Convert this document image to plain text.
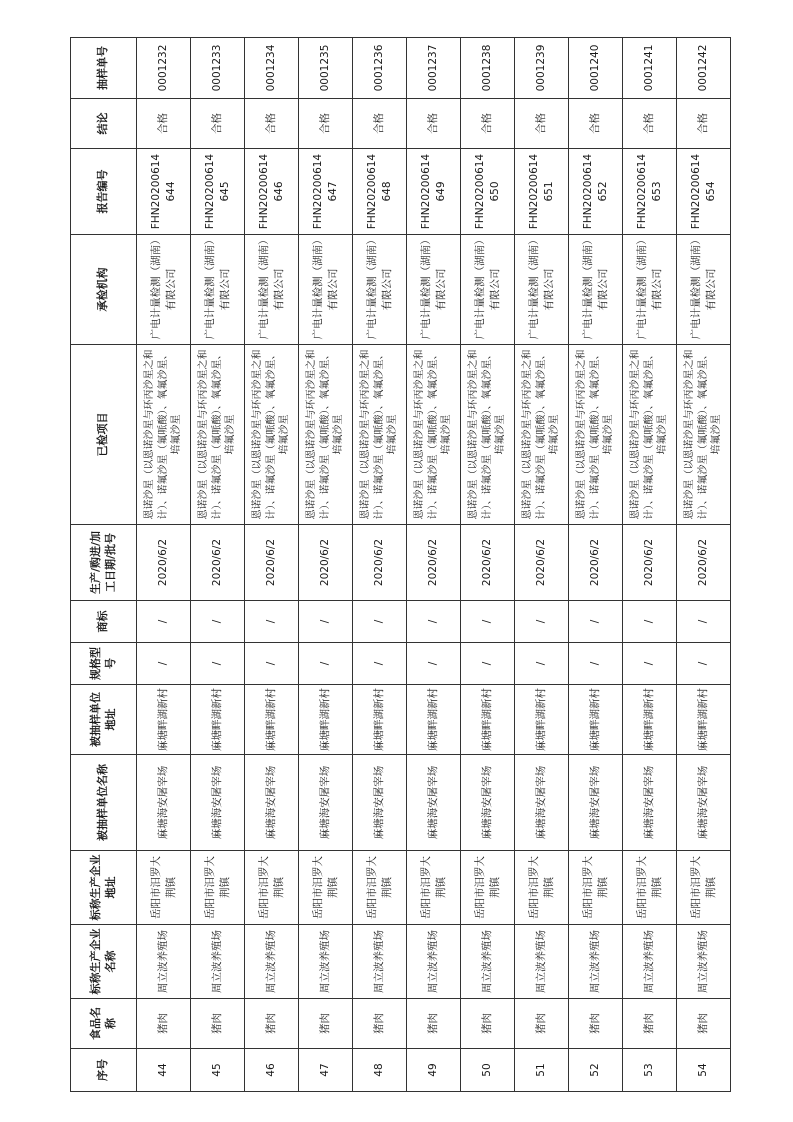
序号	食品名称	标称生产企业名称	标称生产企业地址	被抽样单位名称	被抽样单位地址	规格型号	商标	生产/购进/加工日期/批号	已检项目	承检机构	报告编号	结论	抽样单号
44	猪肉	周立波养殖场	岳阳市汨罗大荆镇	麻塘海安屠宰场	麻塘畔湖新村	/	/	2020/6/2	恩诺沙星（以恩诺沙星与环丙沙星之和计）、诺氟沙星（氟哌酸）、氧氟沙星、培氟沙星	广电计量检测（湖南）有限公司	FHN20200614644	合格	0001232
45	猪肉	周立波养殖场	岳阳市汨罗大荆镇	麻塘海安屠宰场	麻塘畔湖新村	/	/	2020/6/2	恩诺沙星（以恩诺沙星与环丙沙星之和计）、诺氟沙星（氟哌酸）、氧氟沙星、培氟沙星	广电计量检测（湖南）有限公司	FHN20200614645	合格	0001233
46	猪肉	周立波养殖场	岳阳市汨罗大荆镇	麻塘海安屠宰场	麻塘畔湖新村	/	/	2020/6/2	恩诺沙星（以恩诺沙星与环丙沙星之和计）、诺氟沙星（氟哌酸）、氧氟沙星、培氟沙星	广电计量检测（湖南）有限公司	FHN20200614646	合格	0001234
47	猪肉	周立波养殖场	岳阳市汨罗大荆镇	麻塘海安屠宰场	麻塘畔湖新村	/	/	2020/6/2	恩诺沙星（以恩诺沙星与环丙沙星之和计）、诺氟沙星（氟哌酸）、氧氟沙星、培氟沙星	广电计量检测（湖南）有限公司	FHN20200614647	合格	0001235
48	猪肉	周立波养殖场	岳阳市汨罗大荆镇	麻塘海安屠宰场	麻塘畔湖新村	/	/	2020/6/2	恩诺沙星（以恩诺沙星与环丙沙星之和计）、诺氟沙星（氟哌酸）、氧氟沙星、培氟沙星	广电计量检测（湖南）有限公司	FHN20200614648	合格	0001236
49	猪肉	周立波养殖场	岳阳市汨罗大荆镇	麻塘海安屠宰场	麻塘畔湖新村	/	/	2020/6/2	恩诺沙星（以恩诺沙星与环丙沙星之和计）、诺氟沙星（氟哌酸）、氧氟沙星、培氟沙星	广电计量检测（湖南）有限公司	FHN20200614649	合格	0001237
50	猪肉	周立波养殖场	岳阳市汨罗大荆镇	麻塘海安屠宰场	麻塘畔湖新村	/	/	2020/6/2	恩诺沙星（以恩诺沙星与环丙沙星之和计）、诺氟沙星（氟哌酸）、氧氟沙星、培氟沙星	广电计量检测（湖南）有限公司	FHN20200614650	合格	0001238
51	猪肉	周立波养殖场	岳阳市汨罗大荆镇	麻塘海安屠宰场	麻塘畔湖新村	/	/	2020/6/2	恩诺沙星（以恩诺沙星与环丙沙星之和计）、诺氟沙星（氟哌酸）、氧氟沙星、培氟沙星	广电计量检测（湖南）有限公司	FHN20200614651	合格	0001239
52	猪肉	周立波养殖场	岳阳市汨罗大荆镇	麻塘海安屠宰场	麻塘畔湖新村	/	/	2020/6/2	恩诺沙星（以恩诺沙星与环丙沙星之和计）、诺氟沙星（氟哌酸）、氧氟沙星、培氟沙星	广电计量检测（湖南）有限公司	FHN20200614652	合格	0001240
53	猪肉	周立波养殖场	岳阳市汨罗大荆镇	麻塘海安屠宰场	麻塘畔湖新村	/	/	2020/6/2	恩诺沙星（以恩诺沙星与环丙沙星之和计）、诺氟沙星（氟哌酸）、氧氟沙星、培氟沙星	广电计量检测（湖南）有限公司	FHN20200614653	合格	0001241
54	猪肉	周立波养殖场	岳阳市汨罗大荆镇	麻塘海安屠宰场	麻塘畔湖新村	/	/	2020/6/2	恩诺沙星（以恩诺沙星与环丙沙星之和计）、诺氟沙星（氟哌酸）、氧氟沙星、培氟沙星	广电计量检测（湖南）有限公司	FHN20200614654	合格	0001242
